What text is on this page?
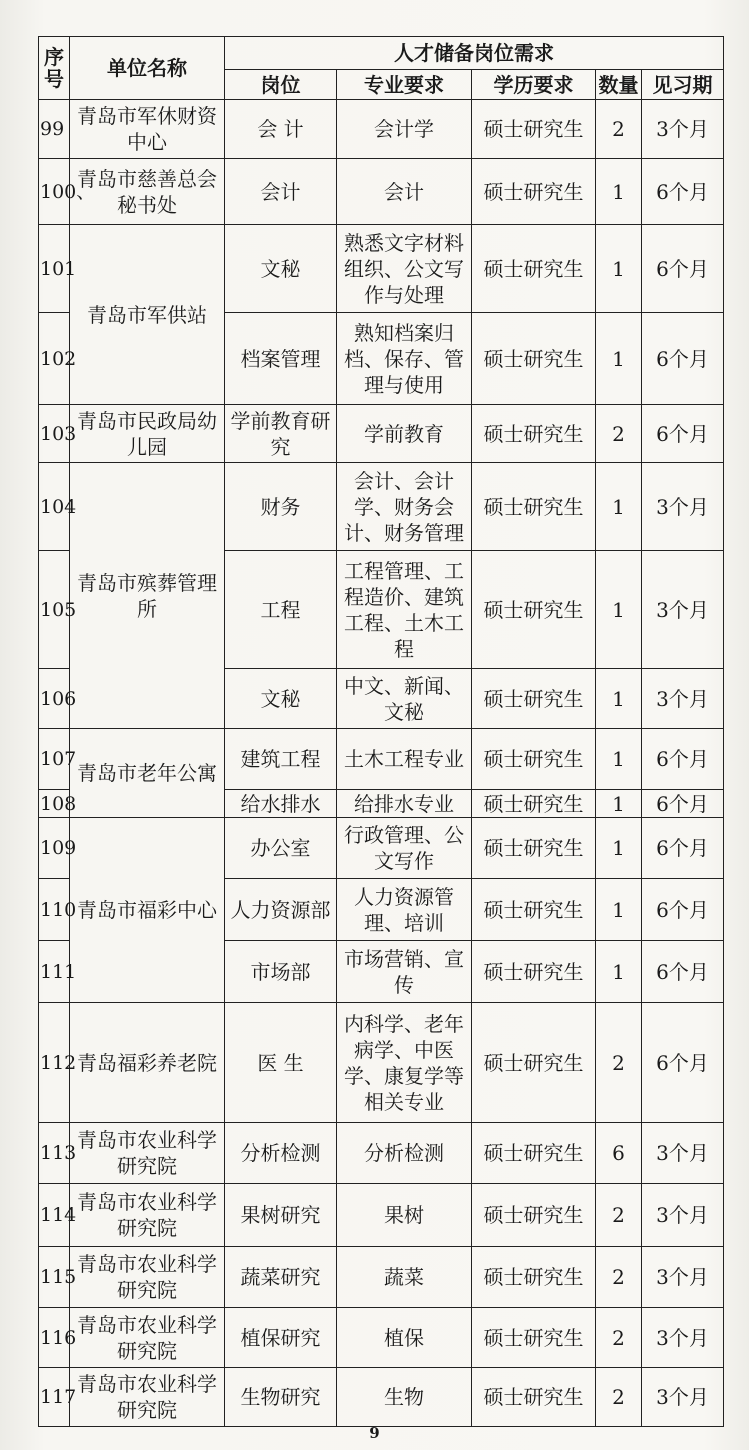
序号	单位名称	人才储备岗位需求				
		岗位	专业要求	学历要求	数量	见习期
99	青岛市军休财资中心	会 计	会计学	硕士研究生	2	3个月
100、	青岛市慈善总会秘书处	会计	会计	硕士研究生	1	6个月
101	青岛市军供站	文秘	熟悉文字材料组织、公文写作与处理	硕士研究生	1	6个月
102		档案管理	熟知档案归档、保存、管理与使用	硕士研究生	1	6个月
103	青岛市民政局幼儿园	学前教育研究	学前教育	硕士研究生	2	6个月
104	青岛市殡葬管理所	财务	会计、会计学、财务会计、财务管理	硕士研究生	1	3个月
105		工程	工程管理、工程造价、建筑工程、土木工程	硕士研究生	1	3个月
106		文秘	中文、新闻、文秘	硕士研究生	1	3个月
107	青岛市老年公寓	建筑工程	土木工程专业	硕士研究生	1	6个月
108		给水排水	给排水专业	硕士研究生	1	6个月
109	青岛市福彩中心	办公室	行政管理、公文写作	硕士研究生	1	6个月
110		人力资源部	人力资源管理、培训	硕士研究生	1	6个月
111		市场部	市场营销、宣传	硕士研究生	1	6个月
112	青岛福彩养老院	医 生	内科学、老年病学、中医学、康复学等相关专业	硕士研究生	2	6个月
113	青岛市农业科学研究院	分析检测	分析检测	硕士研究生	6	3个月
114	青岛市农业科学研究院	果树研究	果树	硕士研究生	2	3个月
115	青岛市农业科学研究院	蔬菜研究	蔬菜	硕士研究生	2	3个月
116	青岛市农业科学研究院	植保研究	植保	硕士研究生	2	3个月
117	青岛市农业科学研究院	生物研究	生物	硕士研究生	2	3个月
9
